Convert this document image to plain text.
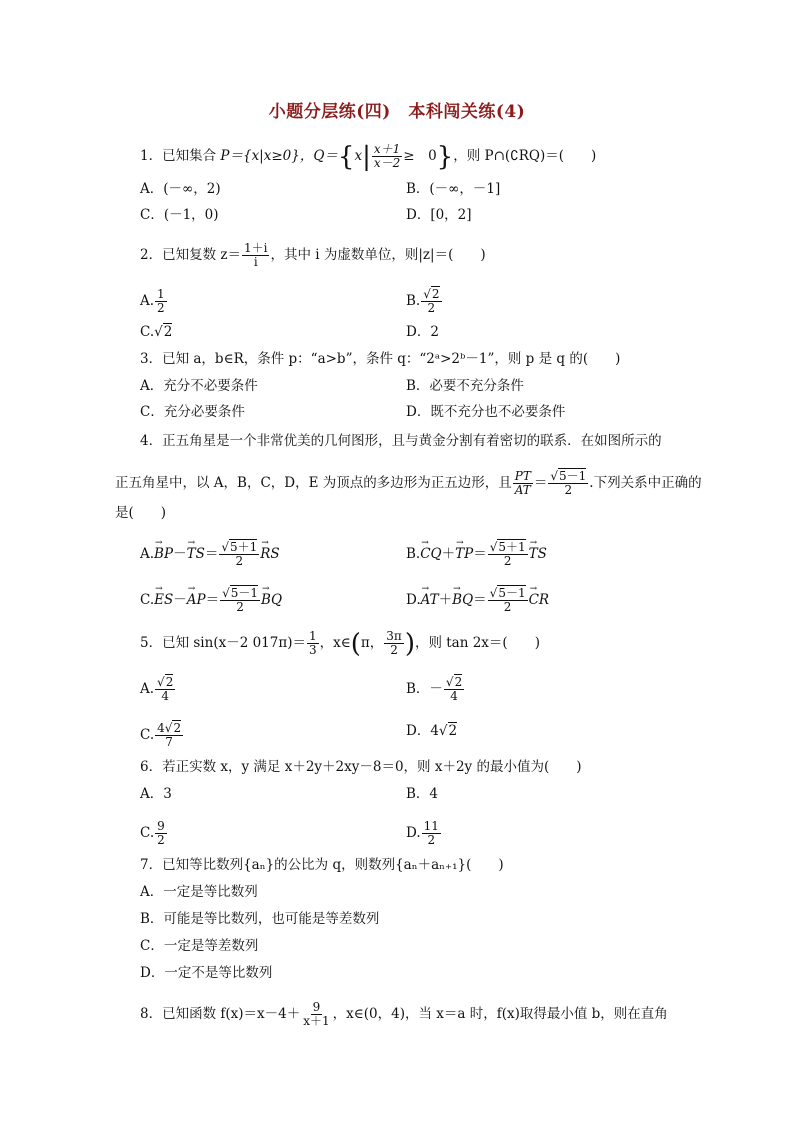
小题分层练(四)　本科闯关练(4)
1．已知集合 P＝{x|x≥0}，$Q=\{x| \frac{x+1}{x-2}$ ≥　0}，则 P∩(∁RQ)＝(　　)
A．(－∞，2)	B．(－∞，－1]
C．(－1，0)	D．[0，2]
2．已知复数 $z= \frac{1+i}{i}$ ，其中 i 为虚数单位，则|z|＝(　　)
A. $\frac{1}{2}$	B. $\frac{√2}{2}$
C.√2	D．2
3．已知 a，b∈R，条件 p：“a>b”，条件 q：“2ᵃ>2ᵇ－1”，则 p 是 q 的(　　)
A．充分不必要条件	B．必要不充分条件
C．充分必要条件	D．既不充分也不必要条件
4．正五角星是一个非常优美的几何图形，且与黄金分割有着密切的联系．在如图所示的
正五角星中，以 A，B，C，D，E 为顶点的多边形为正五边形，且 $\frac{PT}{AT} = \frac{√5-1}{2}$ .下列关系中正确的
是(　　)
$A.\to BP-\to TS= \frac{√5+1}{2}$ → RS	$B.\to CQ+\to TP= \frac{√5+1}{2}$ → TS
$C.\to ES-\to AP= \frac{√5-1}{2}$ → BQ	$D.\to AT+\to BQ= \frac{√5-1}{2}$ → CR
5．已知 sin(x－2 $017\pi)= \frac{1}{3}$ ，x∈(π， $\frac{3\pi}{2}$ )，则 tan 2x＝(　　)
A. $\frac{√2}{4}$	B．－ $\frac{√2}{4}$
C. $\frac{4√2}{7}$	D．4√2
6．若正实数 x，y 满足 x＋2y＋2xy－8＝0，则 x＋2y 的最小值为(　　)
A．3	B．4
C. $\frac{9}{2}$	D. $\frac{11}{2}$
7．已知等比数列{aₙ}的公比为 q，则数列{aₙ＋aₙ₊₁}(　　)
A．一定是等比数列
B．可能是等比数列，也可能是等差数列
C．一定是等差数列
D．一定不是等比数列
8．已知函数 $f(x)=x-4+ \frac{9}{x+1}$ ，x∈(0，4)，当 x＝a 时，f(x)取得最小值 b，则在直角
